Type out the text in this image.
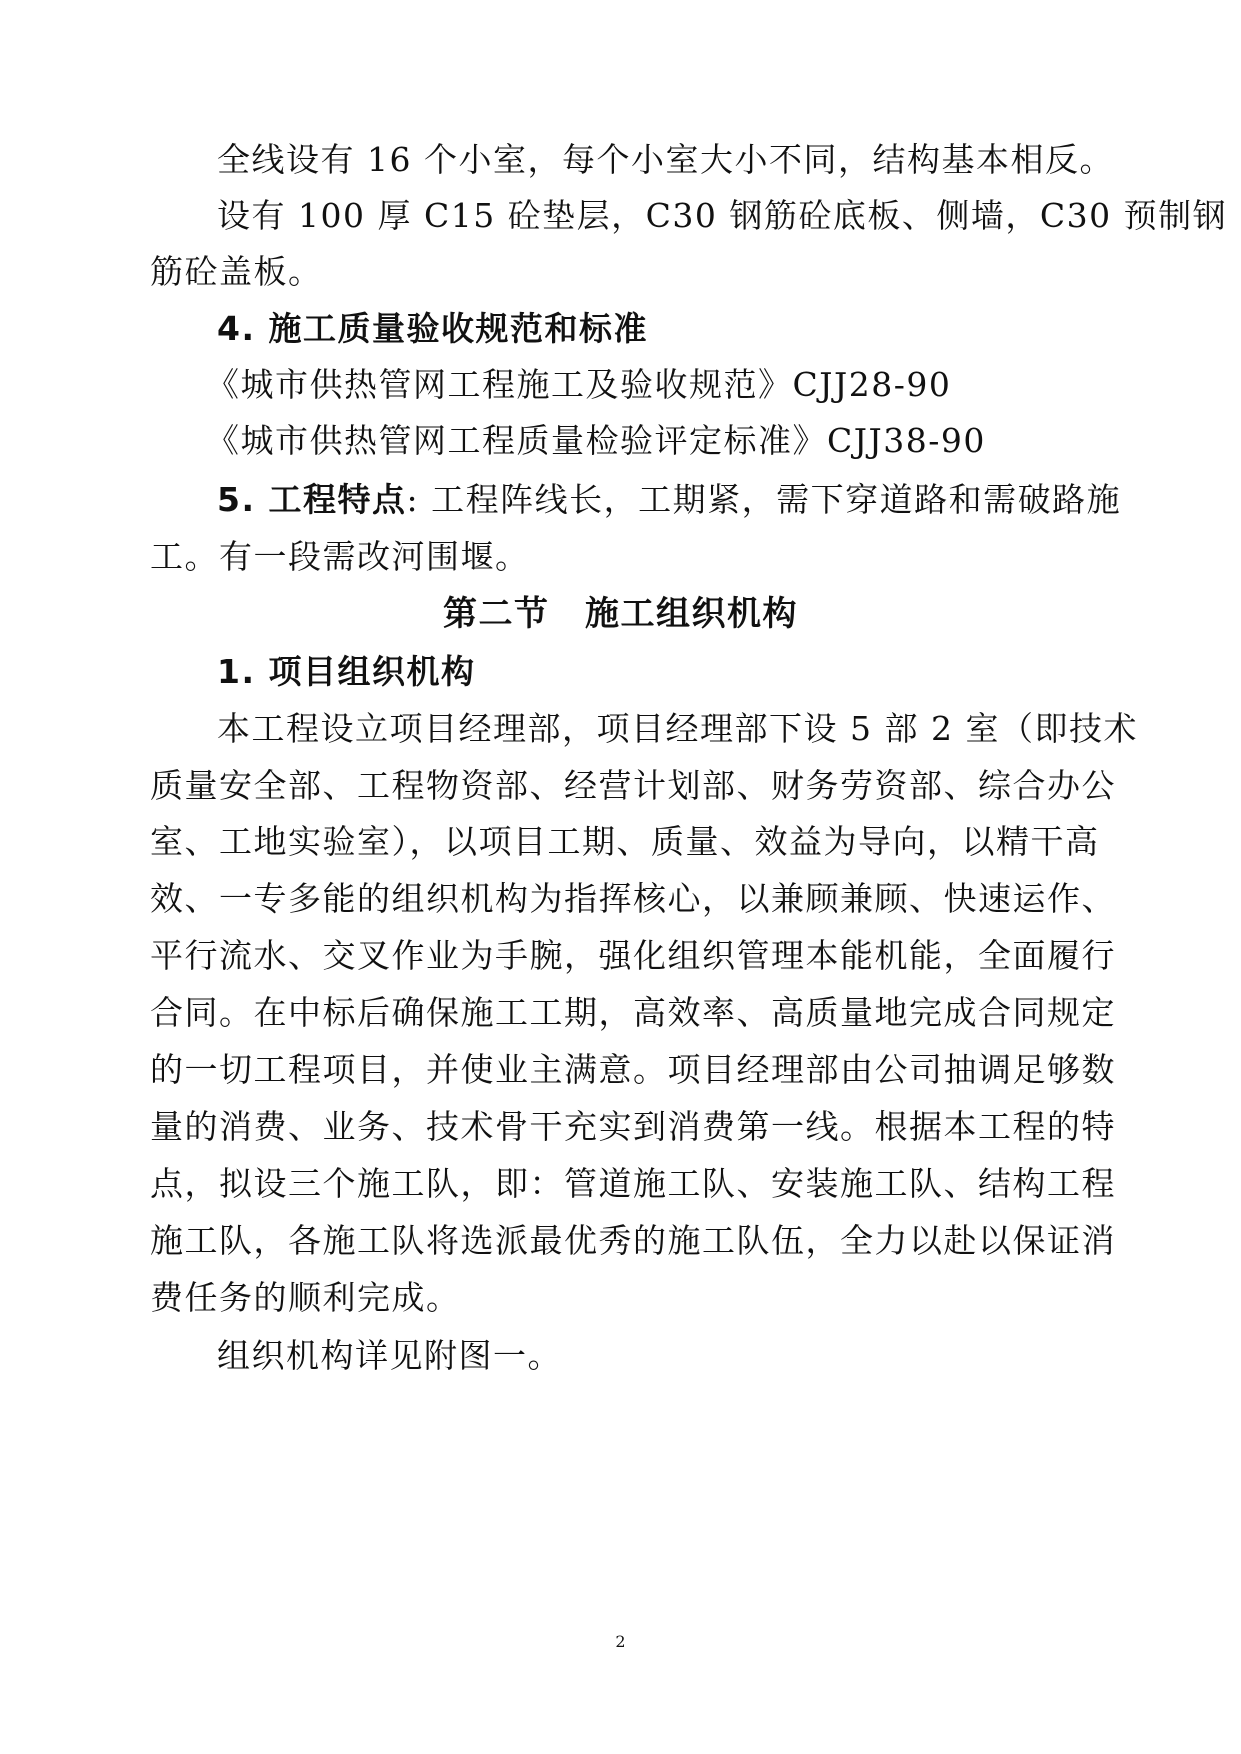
全线设有 16 个小室，每个小室大小不同，结构基本相反。
设有 100 厚 C15 砼垫层，C30 钢筋砼底板、侧墙，C30 预制钢
筋砼盖板。
4. 施工质量验收规范和标准
《城市供热管网工程施工及验收规范》CJJ28-90
《城市供热管网工程质量检验评定标准》CJJ38-90
5. 工程特点 : 工程阵线长，工期紧，需下穿道路和需破路施
工。有一段需改河围堰。
第二节　施工组织机构
1. 项目组织机构
本工程设立项目经理部，项目经理部下设 5 部 2 室（即技术
质量安全部、工程物资部、经营计划部、财务劳资部、综合办公
室、工地实验室），以项目工期、质量、效益为导向，以精干高
效、一专多能的组织机构为指挥核心，以兼顾兼顾、快速运作、
平行流水、交叉作业为手腕，强化组织管理本能机能，全面履行
合同。在中标后确保施工工期，高效率、高质量地完成合同规定
的一切工程项目，并使业主满意。项目经理部由公司抽调足够数
量的消费、业务、技术骨干充实到消费第一线。根据本工程的特
点，拟设三个施工队，即：管道施工队、安装施工队、结构工程
施工队，各施工队将选派最优秀的施工队伍，全力以赴以保证消
费任务的顺利完成。
组织机构详见附图一。
2
